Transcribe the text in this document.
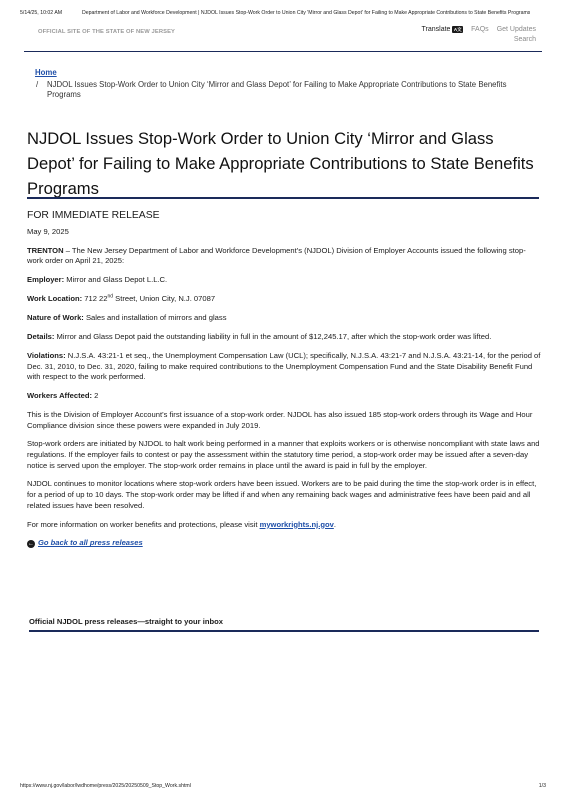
5/14/25, 10:02 AM	Department of Labor and Workforce Development | NJDOL Issues Stop-Work Order to Union City 'Mirror and Glass Depot' for Failing to Make Appropriate Contributions to State Benefits Programs
OFFICIAL SITE OF THE STATE OF NEW JERSEY	Translate A文 FAQs Get Updates
Search
Home
/	NJDOL Issues Stop-Work Order to Union City ‘Mirror and Glass Depot’ for Failing to Make Appropriate Contributions to State Benefits Programs
NJDOL Issues Stop-Work Order to Union City ‘Mirror and Glass Depot’ for Failing to Make Appropriate Contributions to State Benefits Programs
FOR IMMEDIATE RELEASE

May 9, 2025

TRENTON – The New Jersey Department of Labor and Workforce Development’s (NJDOL) Division of Employer Accounts issued the following stop-work order on April 21, 2025:

Employer: Mirror and Glass Depot L.L.C.

Work Location: 712 22nd Street, Union City, N.J. 07087

Nature of Work: Sales and installation of mirrors and glass

Details: Mirror and Glass Depot paid the outstanding liability in full in the amount of $12,245.17, after which the stop-work order was lifted.

Violations: N.J.S.A. 43:21-1 et seq., the Unemployment Compensation Law (UCL); specifically, N.J.S.A. 43:21-7 and N.J.S.A. 43:21-14, for the period of Dec. 31, 2010, to Dec. 31, 2020, failing to make required contributions to the Unemployment Compensation Fund and the State Disability Benefit Fund with respect to the work performed.

Workers Affected: 2

This is the Division of Employer Account’s first issuance of a stop-work order. NJDOL has also issued 185 stop-work orders through its Wage and Hour Compliance division since these powers were expanded in July 2019.

Stop-work orders are initiated by NJDOL to halt work being performed in a manner that exploits workers or is otherwise noncompliant with state laws and regulations. If the employer fails to contest or pay the assessment within the statutory time period, a stop-work order may be issued after a seven-day notice is served upon the employer. The stop-work order remains in place until the award is paid in full by the employer.

NJDOL continues to monitor locations where stop-work orders have been issued. Workers are to be paid during the time the stop-work order is in effect, for a period of up to 10 days. The stop-work order may be lifted if and when any remaining back wages and administrative fees have been paid and all related issues have been resolved.

For more information on worker benefits and protections, please visit myworkrights.nj.gov.

← Go back to all press releases
Official NJDOL press releases—straight to your inbox
https://www.nj.gov/labor/lwdhome/press/2025/20250509_Stop_Work.shtml	1/3
